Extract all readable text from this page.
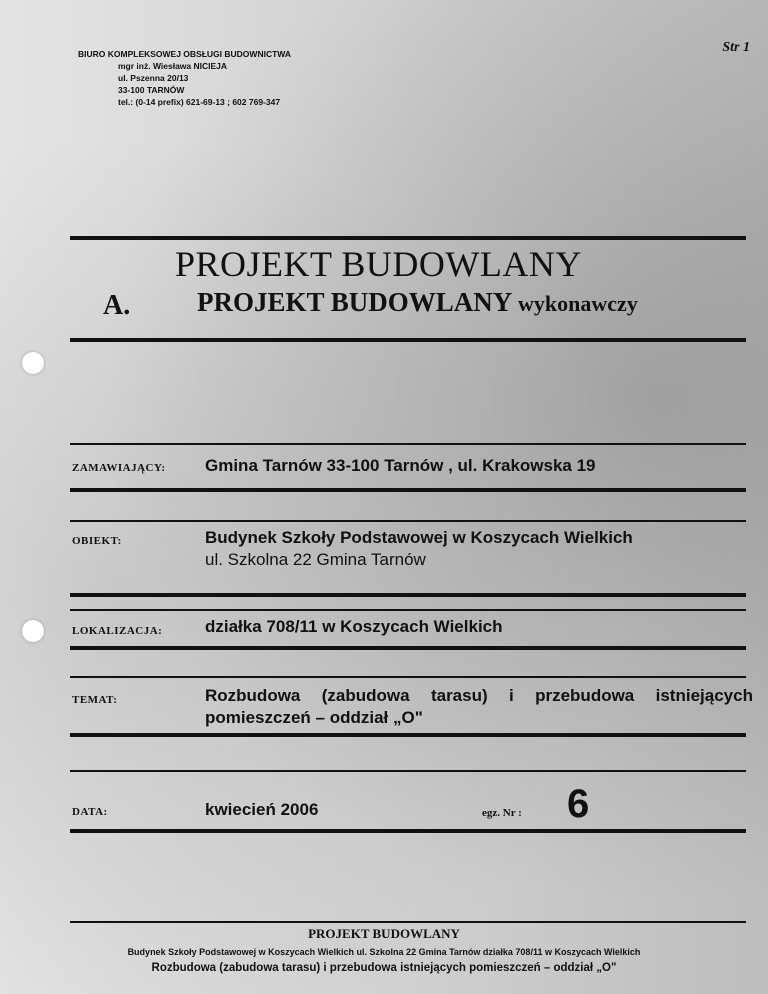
BIURO KOMPLEKSOWEJ OBSŁUGI BUDOWNICTWA
mgr inż. Wiesława NICIEJA
ul. Pszenna 20/13
33-100 TARNÓW
tel.: (0-14 prefix) 621-69-13 ; 602 769-347
Str 1
PROJEKT BUDOWLANY
A. PROJEKT BUDOWLANY wykonawczy
ZAMAWIAJĄCY: Gmina Tarnów 33-100 Tarnów , ul. Krakowska 19
OBIEKT:	Budynek Szkoły Podstawowej w Koszycach Wielkich
ul. Szkolna 22 Gmina Tarnów
LOKALIZACJA:	działka 708/11 w Koszycach Wielkich
TEMAT:	Rozbudowa (zabudowa tarasu) i przebudowa istniejących
pomieszczeń – oddział „O"
DATA:	kwiecień 2006	egz. Nr : 6
PROJEKT BUDOWLANY
Budynek Szkoły Podstawowej w Koszycach Wielkich ul. Szkolna 22 Gmina Tarnów działka 708/11 w Koszycach Wielkich
Rozbudowa (zabudowa tarasu) i przebudowa istniejących pomieszczeń – oddział „O"
